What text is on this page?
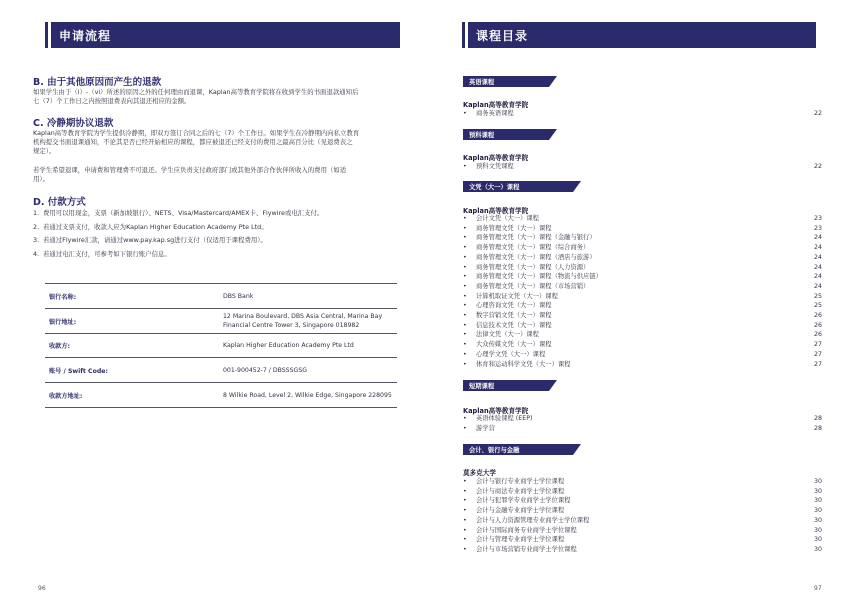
申请流程
B. 由于其他原因而产生的退款
如果学生由于（i）-（vi）所述的原因之外的任何理由而退课，Kaplan高等教育学院将在收到学生的书面退款通知后
七（7）个工作日之内按照退费表向其退还相应的金额。
C. 冷静期协议退款
Kaplan高等教育学院为学生提供冷静期，即双方签订合同之后的七（7）个工作日。如果学生在冷静期内向私立教育
机构提交书面退课通知，不论其是否已经开始相应的课程，都应被退还已经支付的费用之最高百分比（见退费表之
规定）。
若学生希望退课，申请费和管理费不可退还。学生应负责支付政府部门或其他外部合作伙伴所收入的费用（如适
用）。
D. 付款方式
1. 费用可以用现金，支票（新加坡银行）、NETS、Visa/Mastercard/AMEX卡、Flywire或电汇支付。
2. 若通过支票支付，收款人应为Kaplan Higher Education Academy Pte Ltd。
3. 若通过Flywire汇款，请通过www.pay.kap.sg进行支付（仅适用于课程费用）。
4. 若通过电汇支付，可参考如下银行账户信息。
银行名称:	DBS Bank
银行地址:
12 Marina Boulevard, DBS Asia Central, Marina Bay Financial Centre Tower 3, Singapore 018982
收款方:	Kaplan Higher Education Academy Pte Ltd
账号 / Swift Code:	001-900452-7 / DBSSSGSG
收款方地址:	8 Wilkie Road, Level 2, Wilkie Edge, Singapore 228095
96
课程目录
英语课程
Kaplan高等教育学院
•	商务英语课程	22
预科课程
Kaplan高等教育学院
•	预科文凭课程	22
文凭（大一）课程
Kaplan高等教育学院
•	会计文凭（大一）课程	23
•	商务管理文凭（大一）课程	23
•	商务管理文凭（大一）课程（金融与银行）	24
•	商务管理文凭（大一）课程（综合商务）	24
•	商务管理文凭（大一）课程（酒店与旅游）	24
•	商务管理文凭（大一）课程（人力资源）	24
•	商务管理文凭（大一）课程（物流与供应链）	24
•	商务管理文凭（大一）课程（市场营销）	24
•	计算机取证文凭（大一）课程	25
•	心理咨询文凭（大一）课程	25
•	数字营销文凭（大一）课程	26
•	信息技术文凭（大一）课程	26
•	法律文凭（大一）课程	26
•	大众传媒文凭（大一）课程	27
•	心理学文凭（大一）课程	27
•	体育和运动科学文凭（大一）课程	27
短期课程
Kaplan高等教育学院
•	英语体验课程 (EEP)	28
•	游学营	28
会计、银行与金融
莫多克大学
•	会计与银行专业商学士学位课程	30
•	会计与商法专业商学士学位课程	30
•	会计与犯罪学专业商学士学位课程	30
•	会计与金融专业商学士学位课程	30
•	会计与人力资源管理专业商学士学位课程	30
•	会计与国际商务专业商学士学位课程	30
•	会计与管理专业商学士学位课程	30
•	会计与市场营销专业商学士学位课程	30
97
